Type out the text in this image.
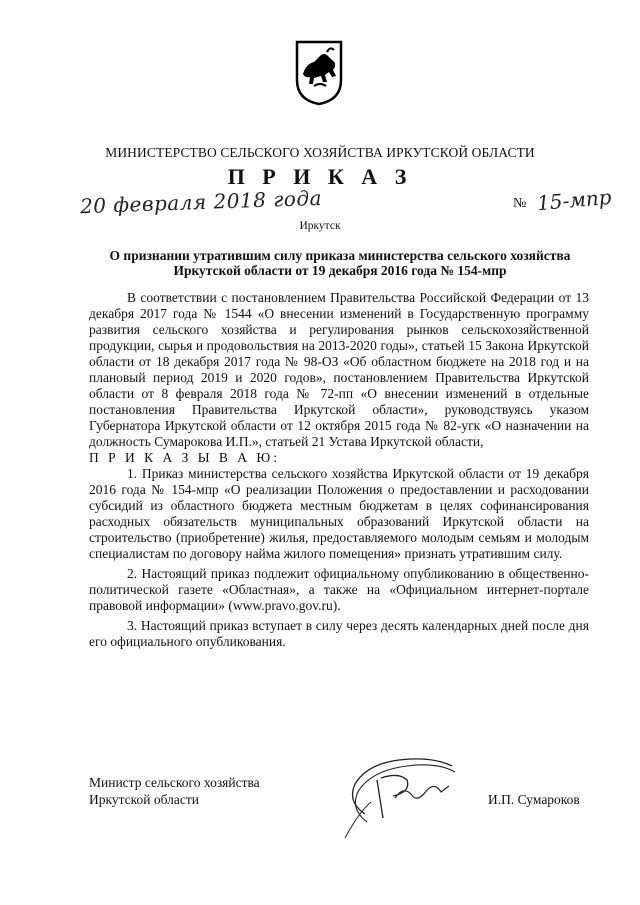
МИНИСТЕРСТВО СЕЛЬСКОГО ХОЗЯЙСТВА ИРКУТСКОЙ ОБЛАСТИ
П Р И К А З
20 февраля 2018 года	№ 15-мпр
Иркутск
О признании утратившим силу приказа министерства сельского хозяйства Иркутской области от 19 декабря 2016 года № 154-мпр

В соответствии с постановлением Правительства Российской Федерации от 13 декабря 2017 года № 1544 «О внесении изменений в Государственную программу развития сельского хозяйства и регулирования рынков сельскохозяйственной продукции, сырья и продовольствия на 2013-2020 годы», статьей 15 Закона Иркутской области от 18 декабря 2017 года № 98-ОЗ «Об областном бюджете на 2018 год и на плановый период 2019 и 2020 годов», постановлением Правительства Иркутской области от 8 февраля 2018 года № 72-пп «О внесении изменений в отдельные постановления Правительства Иркутской области», руководствуясь указом Губернатора Иркутской области от 12 октября 2015 года № 82-угк «О назначении на должность Сумарокова И.П.», статьей 21 Устава Иркутской области,

П Р И К А З Ы В А Ю:

1. Приказ министерства сельского хозяйства Иркутской области от 19 декабря 2016 года № 154-мпр «О реализации Положения о предоставлении и расходовании субсидий из областного бюджета местным бюджетам в целях софинансирования расходных обязательств муниципальных образований Иркутской области на строительство (приобретение) жилья, предоставляемого молодым семьям и молодым специалистам по договору найма жилого помещения» признать утратившим силу.

2. Настоящий приказ подлежит официальному опубликованию в общественно-политической газете «Областная», а также на «Официальном интернет-портале правовой информации» (www.pravo.gov.ru).

3. Настоящий приказ вступает в силу через десять календарных дней после дня его официального опубликования.

Министр сельского хозяйства
Иркутской области	И.П. Сумароков
